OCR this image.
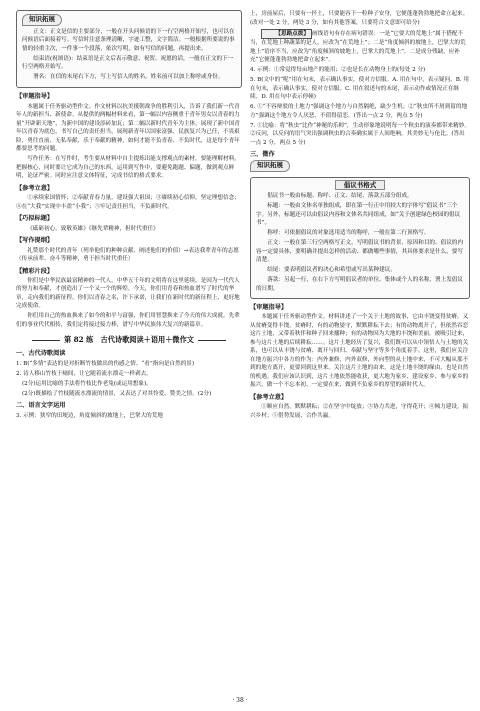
知识拓展

正文：正文是信的主要部分，一般在开头问候语的下一行空两格开始写，也可以在问候语后面接着写。写信时注意条理清晰，字迹工整，文字简洁。一般根据所要说的事情的轻重主次，一件事一个段落，依次写明，如有写信的问题，再提出来。

结束语(祝颂语)：结束语是正文后表示敬意、祝贺、祝愿的话，一般在正文的下一行空两格开始写。

署名：在信的末尾右下方，写上写信人的姓名，姓名前可以加上称呼或身份。

【审题指导】

本题属于任务驱动型作文。作文材料以抗美援朝战争的胜利引入，告诉了我们新一代青年人的新担当、新使命。从提供的两幅材料来看，第一幅以内容侧重于青年男女以青春的力量“开辟新天地”，为新中国的建设添砖加瓦；第二幅以新时代青年为主体，展现了新中国青年以青春为底色，书写自己的责任担当，展现新青年以国家富强、民族复兴为己任，不畏艰险、勇往直前、无私奉献、乐于奉献的精神，如何才能不负青春、不负时代，这是每个青年都要思考的问题。

写作任务：在写作时，考生要从材料中自主提炼出能支撑观点的素材，要能理解材料，把握核心，同时要让它成为自己的东西，运用到写作中，要避免跑题、偏题，做到观点鲜明，论证严密。同时应注意文体特征，完成书信的格式要求。

【参考立意】

①承续家国情怀；②奉献青春力量，建设强大祖国；③赓续初心信仰，坚定理想信念；④在“大我”实现中丰盈“小我”；⑤牢记责任担当，不负新时代。

【巧拟标题】

《砥砺初心，致敬英雄》《继先辈精神，担时代重任》

【写作提纲】

礼赞那个时代的青年（列举他们的种种贡献、阐述他们的价值）→表达我辈青年的志愿（传承前辈、奋斗等精神，勇于担当时代重任）

【精彩片段】

你们是中华民族最富精神的一代人，中华五千年的文明将在这里延续，是因为一代代人的努力和奉献，才创造出了一个又一个的辉煌。今天，你们用青春和热血谱写了时代的华章，走向我们的新征程。你们以青春之名，许下承诺，让我们在新时代的新征程上，更好地完成使命。

你们用自己的热血换来了如今的和平与富强，你们用智慧换来了今天的伟大成就。先辈们的事业代代相传，我们定将接过接力棒，谱写中华民族伟大复兴的新篇章。

第 82 练　古代诗歌阅读＋语用＋微作文
一、古代诗歌阅读

1. B(“多情”表达的是对折断竹枝做出的伤感之情。“看”指向是自然的景)

2. 诗人移山竹枝于厕间，让它随着流水漂走一样剥去。

(2分)运用比喻的手法将竹枝比作老兔(或运用想象)。

(2分)既描绘了竹枝随流水漂流的情景，又表达了对其怜爱、赞美之情。(2分)

二、语言文字运用

3. 示例：狭窄的田埂边，角度倾斜的坡地上，巴掌大的荒地

上，房前屋后，只要有一抔土，只要能容下一粒种子安身，它便蓬蓬勃勃地把命立起来。(改对一处 2 分，两处 3 分，如有其他答案，只要符合文意即可给分)

【思路点拨】 画线语句有存在病句错误：一是“它要大的荒地上”属于搭配不当，在荒地上种蔬菜的是人，应改为“在荒地上”；二是“角度倾斜的坡地上，巴掌大的荒地上”语序不当，应改为“角度倾斜的坡地上，巴掌大的荒地上”，二是成分残缺，应补充“它便蓬蓬勃勃地把命立起来”。

4. 示例：①常觉得每亩地产的能用；②也是长在动物身上的(每处 2 分)

5. B(文中的“呢”用在句末，表示确认事实，使对方信服。A. 用在句中，表示疑问。B. 用在句末，表示确认事实，使对方信服。C. 用在叙述句的末尾，表示动作或情况正在继续。D. 用在句中表示停顿)

6. ①“不容辩驳的土地力”强调这个地方与自然隔绝，缺少生机；②“秋虫所不屑到留的地方”强调这个地方令人厌恶、不值得留恋。(答出一点 2 分，两点 5 分)

7. ①比喻：将“秋虫”比作“神秘的乐师”，生动形象地说明每一个秋虫的演奏都带来精妙。②反问，以反问的语气突出强调秋虫的合奏确实属于人间绝响，其美妙无与伦比。(答出一点 2 分，两点 5 分)

三、微作
知识拓展
倡议书格式

倡议书一般由标题、称呼、正文、结尾、落款五部分组成。

标题：一般由文体名单独组成，即在第一行正中用较大的字体写“倡议书”三个字。另外，标题还可以由倡议内容和文体名共同组成，如“关于创建绿色校园的倡议书”。

称呼：可依据倡议的对象选用适当的称呼，一般在第二行顶格写。

正文：一般在第三行空两格写正文，写明倡议书的背景、原因和目的、倡议的内容一定要具体，要明确并提出怎样的活动、都做哪些事情，其具体要求是什么，要写清楚。

结尾：要表明倡议者的决心和希望或写出某种建议。

落款：另起一行，在右下方写明倡议者的单位、集体或个人的名称，署上发倡议的日期。

【审题指导】

本题属于任务驱动型作文。材料讲述了一个关于土地的故事，它由丰饶变得贫瘠，又从贫瘠变得丰饶。贫瘠时，有的动物晏守，默默耕耘下去；有的动物离开了，但依然吞恋这片土地，又带着秋伴和种子回来播种；有的动物因为大地的丰饶和美丽，被吸引过来，参与这片土地的后续耕耘……。这片土地经历了复兴，我们既可以从中领悟人与土地的关系，也可以从丰饶与贫瘠、离开与回归、奉献与坚守等多个角度着手。这里，我们应关注在地方振兴中各方的作为：内外兼修，内外双修，外向型的从土地中来，不可大幅从那不到的地方离开，更要回到这里来。关注这片土地的由来，这是土地丰饶的缘由，也是自然的机遇。我们应该认识到，这片土地依然能收获，更大地为家乡、建设家乡、参与家乡的振兴，做一个不忘本初、一定要在来，做到不负家乡的厚望的新时代人。

【参考立意】

①顺应自然，默默耕耘；②在坚守中绽放；③协力共进，守得花开；④倾力建设，振兴乡村；⑤借势发展，合作共赢。

· 38 ·
